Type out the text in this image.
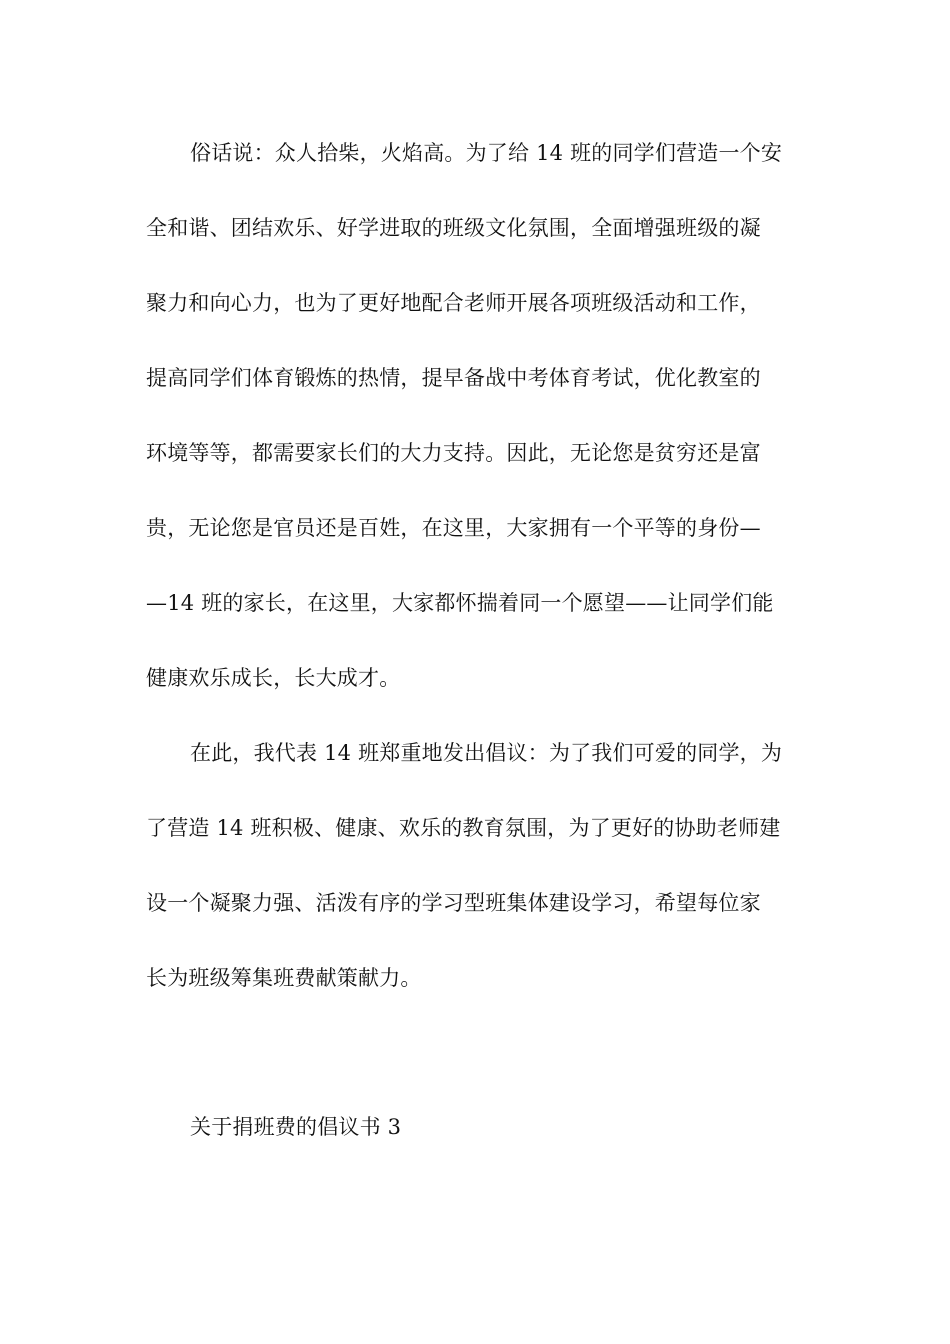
俗话说：众人拾柴，火焰高。为了给 14 班的同学们营造一个安
全和谐、团结欢乐、好学进取的班级文化氛围，全面增强班级的凝
聚力和向心力，也为了更好地配合老师开展各项班级活动和工作，
提高同学们体育锻炼的热情，提早备战中考体育考试，优化教室的
环境等等，都需要家长们的大力支持。因此，无论您是贫穷还是富
贵，无论您是官员还是百姓，在这里，大家拥有一个平等的身份—
—14 班的家长，在这里，大家都怀揣着同一个愿望——让同学们能
健康欢乐成长，长大成才。
在此，我代表 14 班郑重地发出倡议：为了我们可爱的同学，为
了营造 14 班积极、健康、欢乐的教育氛围，为了更好的协助老师建
设一个凝聚力强、活泼有序的学习型班集体建设学习，希望每位家
长为班级筹集班费献策献力。
关于捐班费的倡议书 3
